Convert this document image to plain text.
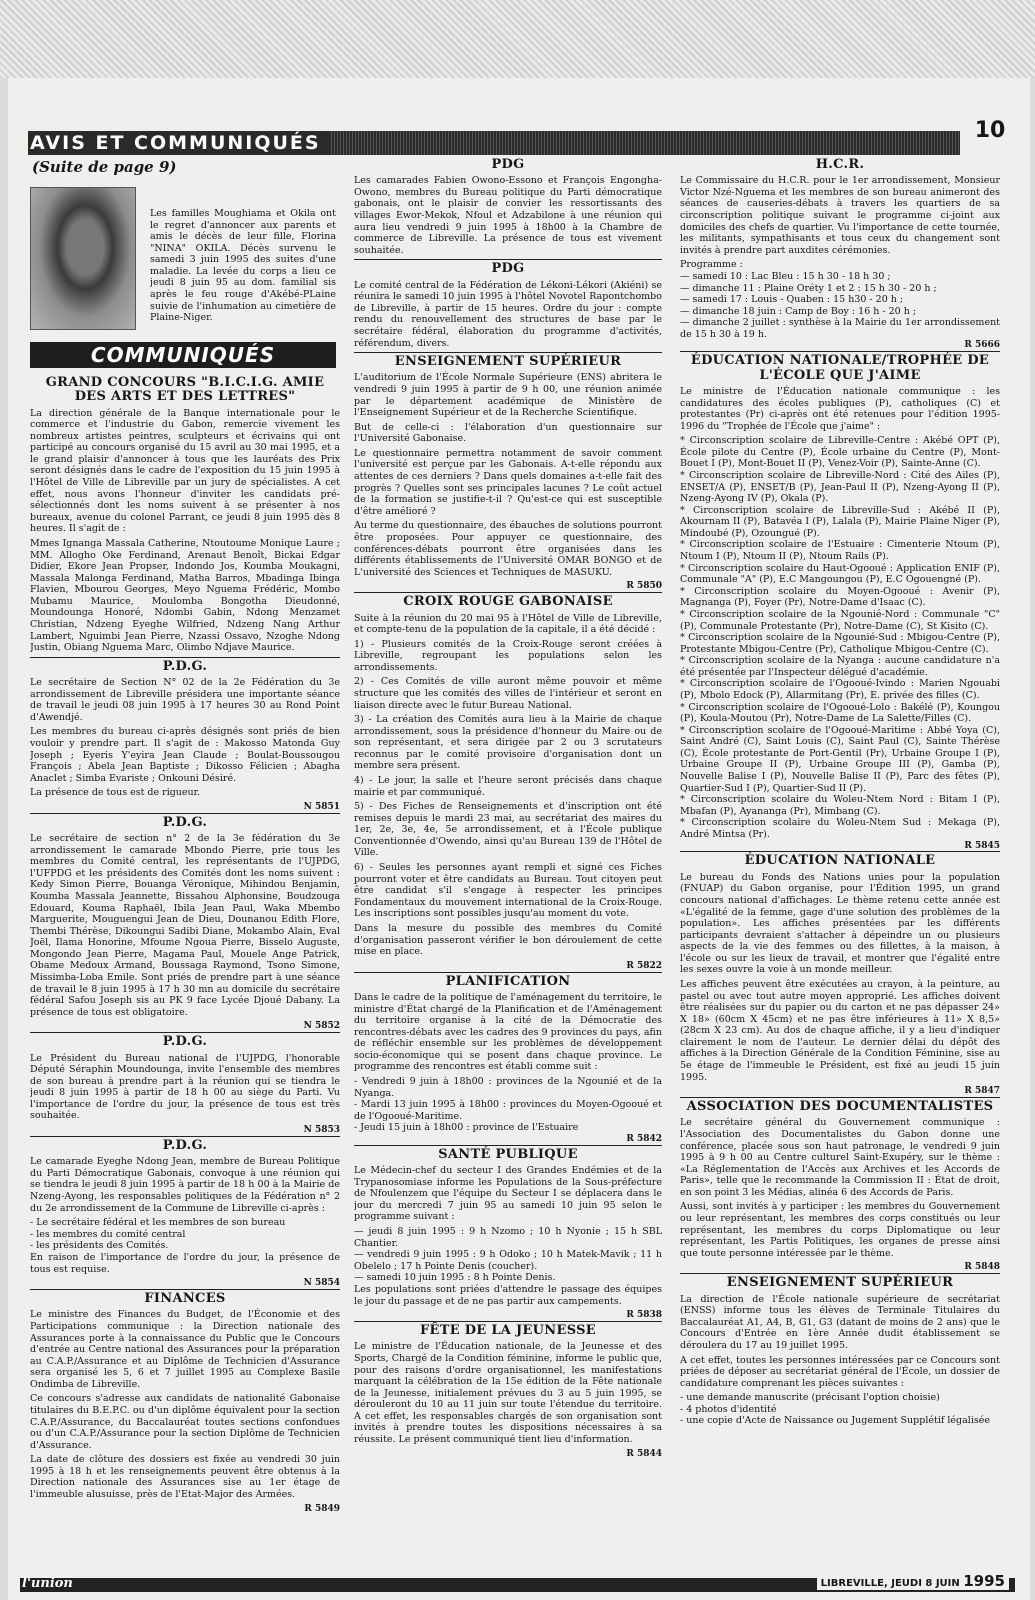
AVIS ET COMMUNIQUÉS	10
(Suite de page 9)

Les familles Moughiama et Okila ont le regret d'annoncer aux parents et amis le décès de leur fille, Florina "NINA" OKILA. Décès survenu le samedi 3 juin 1995 des suites d'une maladie. La levée du corps a lieu ce jeudi 8 juin 95 au dom. familial sis après le feu rouge d'Akébé-PLaine suivie de l'inhumation au cimetière de Plaine-Niger.

COMMUNIQUÉS
GRAND CONCOURS "B.I.C.I.G. AMIE DES ARTS ET DES LETTRES"

La direction générale de la Banque internationale pour le commerce et l'industrie du Gabon, remercie vivement les nombreux artistes peintres, sculpteurs et écrivains qui ont participé au concours organisé du 15 avril au 30 mai 1995, et a le grand plaisir d'annoncer à tous que les lauréats des Prix seront désignés dans le cadre de l'exposition du 15 juin 1995 à l'Hôtel de Ville de Libreville par un jury de spécialistes. A cet effet, nous avons l'honneur d'inviter les candidats pré-sélectionnés dont les noms suivent à se présenter à nos bureaux, avenue du colonel Parrant, ce jeudi 8 juin 1995 dès 8 heures. Il s'agit de :

Mmes Ignanga Massala Catherine, Ntoutoume Monique Laure ; MM. Allogho Oke Ferdinand, Arenaut Benoît, Bickai Edgar Didier, Ekore Jean Propser, Indondo Jos, Koumba Moukagni, Massala Malonga Ferdinand, Matha Barros, Mbadinga Ibinga Flavien, Mbourou Georges, Meyo Nguema Frédéric, Mombo Mubamu Maurice, Moulomba Bongotha Dieudonné, Moundounga Honoré, Ndombi Gabin, Ndong Menzamet Christian, Ndzeng Eyeghe Wilfried, Ndzeng Nang Arthur Lambert, Nguimbi Jean Pierre, Nzassi Ossavo, Nzoghe Ndong Justin, Obiang Nguema Marc, Olimbo Ndjave Maurice.

P.D.G.

Le secrétaire de Section N° 02 de la 2e Fédération du 3e arrondissement de Libreville présidera une importante séance de travail le jeudi 08 juin 1995 à 17 heures 30 au Rond Point d'Awendjé.

Les membres du bureau ci-après désignés sont priés de bien vouloir y prendre part. Il s'agit de : Makosso Matonda Guy Joseph ; Eyeris Y'eyira Jean Claude ; Boulat-Boussougou François ; Abela Jean Baptiste ; Dikosso Félicien ; Abagha Anaclet ; Simba Evariste ; Onkouni Désiré.

La présence de tous est de rigueur.

N 5851
P.D.G.

Le secrétaire de section n° 2 de la 3e fédération du 3e arrondissement le camarade Mbondo Pierre, prie tous les membres du Comité central, les représentants de l'UJPDG, l'UFPDG et les présidents des Comités dont les noms suivent : Kedy Simon Pierre, Bouanga Véronique, Mihindou Benjamin, Koumba Massala Jeannette, Bissahou Alphonsine, Boudzouga Edouard, Kouma Raphaël, Ibila Jean Paul, Waka Mbembo Marguerite, Mouguengui Jean de Dieu, Dounanou Edith Flore, Thembi Thérèse, Dikoungui Sadibi Diane, Mokambo Alain, Eval Joël, Ilama Honorine, Mfoume Ngoua Pierre, Bisselo Auguste, Mongondo Jean Pierre, Magama Paul, Mouele Ange Patrick, Obame Medoux Armand, Boussaga Raymond, Tsono Simone, Missimba-Loba Emile. Sont priés de prendre part à une séance de travail le 8 juin 1995 à 17 h 30 mn au domicile du secrétaire fédéral Safou Joseph sis au PK 9 face Lycée Djoué Dabany. La présence de tous est obligatoire.

N 5852
P.D.G.

Le Président du Bureau national de l'UJPDG, l'honorable Député Séraphin Moundounga, invite l'ensemble des membres de son bureau à prendre part à la réunion qui se tiendra le jeudi 8 juin 1995 à partir de 18 h 00 au siège du Parti. Vu l'importance de l'ordre du jour, la présence de tous est très souhaitée.

N 5853
P.D.G.

Le camarade Eyeghe Ndong Jean, membre de Bureau Politique du Parti Démocratique Gabonais, convoque à une réunion qui se tiendra le jeudi 8 juin 1995 à partir de 18 h 00 à la Mairie de Nzeng-Ayong, les responsables politiques de la Fédération n° 2 du 2e arrondissement de la Commune de Libreville ci-après :

- Le secrétaire fédéral et les membres de son bureau
- les membres du comité central
- les présidents des Comités.

En raison de l'importance de l'ordre du jour, la présence de tous est requise.

N 5854
FINANCES

Le ministre des Finances du Budget, de l'Économie et des Participations communique : la Direction nationale des Assurances porte à la connaissance du Public que le Concours d'entrée au Centre national des Assurances pour la préparation au C.A.P./Assurance et au Diplôme de Technicien d'Assurance sera organisé les 5, 6 et 7 juillet 1995 au Complexe Basile Ondimba de Libreville.

Ce concours s'adresse aux candidats de nationalité Gabonaise titulaires du B.E.P.C. ou d'un diplôme équivalent pour la section C.A.P./Assurance, du Baccalauréat toutes sections confondues ou d'un C.A.P./Assurance pour la section Diplôme de Technicien d'Assurance.

La date de clôture des dossiers est fixée au vendredi 30 juin 1995 à 18 h et les renseignements peuvent être obtenus à la Direction nationale des Assurances sise au 1er étage de l'immeuble alusuisse, près de l'Etat-Major des Armées.

R 5849
PDG

Les camarades Fabien Owono-Essono et François Engongha-Owono, membres du Bureau politique du Parti démocratique gabonais, ont le plaisir de convier les ressortissants des villages Ewor-Mekok, Nfoul et Adzabilone à une réunion qui aura lieu vendredi 9 juin 1995 à 18h00 à la Chambre de commerce de Libreville. La présence de tous est vivement souhaitée.

PDG

Le comité central de la Fédération de Lékoni-Lékori (Akiéni) se réunira le samedi 10 juin 1995 à l'hôtel Novotel Rapontchombo de Libreville, à partir de 15 heures. Ordre du jour : compte rendu du renouvellement des structures de base par le secrétaire fédéral, élaboration du programme d'activités, référendum, divers.

ENSEIGNEMENT SUPÉRIEUR

L'auditorium de l'École Normale Supérieure (ENS) abritera le vendredi 9 juin 1995 à partir de 9 h 00, une réunion animée par le département académique de Ministère de l'Enseignement Supérieur et de la Recherche Scientifique.

But de celle-ci : l'élaboration d'un questionnaire sur l'Université Gabonaise.

Le questionnaire permettra notamment de savoir comment l'université est perçue par les Gabonais. A-t-elle répondu aux attentes de ces derniers ? Dans quels domaines a-t-elle fait des progrès ? Quelles sont ses principales lacunes ? Le coût actuel de la formation se justifie-t-il ? Qu'est-ce qui est susceptible d'être amélioré ?

Au terme du questionnaire, des ébauches de solutions pourront être proposées. Pour appuyer ce questionnaire, des conférences-débats pourront être organisées dans les différents établissements de l'Université OMAR BONGO et de L'université des Sciences et Techniques de MASUKU.

R 5850
CROIX ROUGE GABONAISE

Suite à la réunion du 20 mai 95 à l'Hôtel de Ville de Libreville, et compte-tenu de la population de la capitale, il a été décidé :

1) - Plusieurs comités de la Croix-Rouge seront créées à Libreville, regroupant les populations selon les arrondissements.

2) - Ces Comités de ville auront même pouvoir et même structure que les comités des villes de l'intérieur et seront en liaison directe avec le futur Bureau National.

3) - La création des Comités aura lieu à la Mairie de chaque arrondissement, sous la présidence d'honneur du Maire ou de son représentant, et sera dirigée par 2 ou 3 scrutateurs reconnus par le comité provisoire d'organisation dont un membre sera présent.

4) - Le jour, la salle et l'heure seront précisés dans chaque mairie et par communiqué.

5) - Des Fiches de Renseignements et d'inscription ont été remises depuis le mardi 23 mai, au secrétariat des maires du 1er, 2e, 3e, 4e, 5e arrondissement, et à l'École publique Conventionnée d'Owendo, ainsi qu'au Bureau 139 de l'Hôtel de Ville.

6) - Seules les personnes ayant rempli et signé ces Fiches pourront voter et être candidats au Bureau. Tout citoyen peut être candidat s'il s'engage à respecter les principes Fondamentaux du mouvement international de la Croix-Rouge. Les inscriptions sont possibles jusqu'au moment du vote.

Dans la mesure du possible des membres du Comité d'organisation passeront vérifier le bon déroulement de cette mise en place.

R 5822
PLANIFICATION

Dans le cadre de la politique de l'aménagement du territoire, le ministre d'État chargé de la Planification et de l'Aménagement du territoire organise à la cité de la Démocratie des rencontres-débats avec les cadres des 9 provinces du pays, afin de réfléchir ensemble sur les problèmes de développement socio-économique qui se posent dans chaque province. Le programme des rencontres est établi comme suit :

- Vendredi 9 juin à 18h00 : provinces de la Ngounié et de la Nyanga.
- Mardi 13 juin 1995 à 18h00 : provinces du Moyen-Ogooué et de l'Ogooué-Maritime.
- Jeudi 15 juin à 18h00 : province de l'Estuaire
R 5842
SANTÉ PUBLIQUE

Le Médecin-chef du secteur I des Grandes Endémies et de la Trypanosomiase informe les Populations de la Sous-préfecture de Nfoulenzem que l'équipe du Secteur I se déplacera dans le jour du mercredi 7 juin 95 au samedi 10 juin 95 selon le programme suivant :

— jeudi 8 juin 1995 : 9 h Nzomo ; 10 h Nyonie ; 15 h SBL Chantier.
— vendredi 9 juin 1995 : 9 h Odoko ; 10 h Matek-Mavik ; 11 h Obelelo ; 17 h Pointe Denis (coucher).
— samedi 10 juin 1995 : 8 h Pointe Denis.

Les populations sont priées d'attendre le passage des équipes le jour du passage et de ne pas partir aux campements.

R 5838
FÊTE DE LA JEUNESSE

Le ministre de l'Éducation nationale, de la Jeunesse et des Sports, Chargé de la Condition féminine, informe le public que, pour des raisons d'ordre organisationnel, les manifestations marquant la célébration de la 15e édition de la Fête nationale de la Jeunesse, initialement prévues du 3 au 5 juin 1995, se dérouleront du 10 au 11 juin sur toute l'étendue du territoire. A cet effet, les responsables chargés de son organisation sont invités à prendre toutes les dispositions nécessaires à sa réussite. Le présent communiqué tient lieu d'information.

R 5844
H.C.R.

Le Commissaire du H.C.R. pour le 1er arrondissement, Monsieur Victor Nzé-Nguema et les membres de son bureau animeront des séances de causeries-débats à travers les quartiers de sa circonscription politique suivant le programme ci-joint aux domiciles des chefs de quartier. Vu l'importance de cette tournée, les militants, sympathisants et tous ceux du changement sont invités à prendre part auxdites cérémonies.

Programme :
— samedi 10 : Lac Bleu : 15 h 30 - 18 h 30 ;
— dimanche 11 : Plaine Oréty 1 et 2 : 15 h 30 - 20 h ;
— samedi 17 : Louis - Quaben : 15 h30 - 20 h ;
— dimanche 18 juin : Camp de Boy : 16 h - 20 h ;
— dimanche 2 juillet : synthèse à la Mairie du 1er arrondissement de 15 h 30 à 19 h.
R 5666
ÉDUCATION NATIONALE/TROPHÉE DE L'ÉCOLE QUE J'AIME

Le ministre de l'Éducation nationale communique : les candidatures des écoles publiques (P), catholiques (C) et protestantes (Pr) ci-après ont été retenues pour l'édition 1995-1996 du "Trophée de l'École que j'aime" :

* Circonscription scolaire de Libreville-Centre : Akébé OPT (P), École pilote du Centre (P), École urbaine du Centre (P), Mont-Bouet I (P), Mont-Bouet II (P), Venez-Voir (P), Sainte-Anne (C).
* Circonscription scolaire de Libreville-Nord : Cité des Ailes (P), ENSET/A (P), ENSET/B (P), Jean-Paul II (P), Nzeng-Ayong II (P), Nzeng-Ayong IV (P), Okala (P).
* Circonscription scolaire de Libreville-Sud : Akébé II (P), Akournam II (P), Batavéa I (P), Lalala (P), Mairie Plaine Niger (P), Mindoubé (P), Ozoungué (P).
* Circonscription scolaire de l'Estuaire : Cimenterie Ntoum (P), Ntoum I (P), Ntoum II (P), Ntoum Rails (P).
* Circonscription scolaire du Haut-Ogooué : Application ENIF (P), Communale "A" (P), E.C Mangoungou (P), E.C Ogouengné (P).
* Circonscription scolaire du Moyen-Ogooué : Avenir (P), Magnanga (P), Foyer (Pr), Notre-Dame d'Isaac (C).
* Circonscription scolaire de la Ngounié-Nord : Communale "C" (P), Communale Protestante (Pr), Notre-Dame (C), St Kisito (C).
* Circonscription scolaire de la Ngounié-Sud : Mbigou-Centre (P), Protestante Mbigou-Centre (Pr), Catholique Mbigou-Centre (C).
* Circonscription scolaire de la Nyanga : aucune candidature n'a été présentée par l'Inspecteur délégué d'académie.
* Circonscription scolaire de l'Ogooué-Ivindo : Marien Ngouabi (P), Mbolo Edock (P), Allarmitang (Pr), E. privée des filles (C).
* Circonscription scolaire de l'Ogooué-Lolo : Bakélé (P), Koungou (P), Koula-Moutou (Pr), Notre-Dame de La Salette/Filles (C).
* Circonscription scolaire de l'Ogooué-Maritime : Abbé Yoya (C), Saint André (C), Saint Louis (C), Saint Paul (C), Sainte Thérèse (C), École protestante de Port-Gentil (Pr), Urbaine Groupe I (P), Urbaine Groupe II (P), Urbaine Groupe III (P), Gamba (P), Nouvelle Balise I (P), Nouvelle Balise II (P), Parc des fêtes (P), Quartier-Sud I (P), Quartier-Sud II (P).
* Circonscription scolaire du Woleu-Ntem Nord : Bitam I (P), Mbafan (P), Ayananga (Pr), Mimbang (C).
* Circonscription scolaire du Woleu-Ntem Sud : Mekaga (P), André Mintsa (Pr).
R 5845
ÉDUCATION NATIONALE

Le bureau du Fonds des Nations unies pour la population (FNUAP) du Gabon organise, pour l'Édition 1995, un grand concours national d'affichages. Le thème retenu cette année est «L'égalité de la femme, gage d'une solution des problèmes de la population». Les affiches présentées par les différents participants devraient s'attacher à dépeindre un ou plusieurs aspects de la vie des femmes ou des fillettes, à la maison, à l'école ou sur les lieux de travail, et montrer que l'égalité entre les sexes ouvre la voie à un monde meilleur.

Les affiches peuvent être exécutées au crayon, à la peinture, au pastel ou avec tout autre moyen approprié. Les affiches doivent être réalisées sur du papier ou du carton et ne pas dépasser 24» X 18» (60cm X 45cm) et ne pas être inférieures à 11» X 8,5» (28cm X 23 cm). Au dos de chaque affiche, il y a lieu d'indiquer clairement le nom de l'auteur. Le dernier délai du dépôt des affiches à la Direction Générale de la Condition Féminine, sise au 5e étage de l'immeuble le Président, est fixé au jeudi 15 juin 1995.

R 5847
ASSOCIATION DES DOCUMENTALISTES

Le secrétaire général du Gouvernement communique : l'Association des Documentalistes du Gabon donne une conférence, placée sous son haut patronage, le vendredi 9 juin 1995 à 9 h 00 au Centre culturel Saint-Exupéry, sur le thème : «La Réglementation de l'Accès aux Archives et les Accords de Paris», telle que le recommande la Commission II : État de droit, en son point 3 les Médias, alinéa 6 des Accords de Paris.

Aussi, sont invités à y participer : les membres du Gouvernement ou leur représentant, les membres des corps constitués ou leur représentant, les membres du corps Diplomatique ou leur représentant, les Partis Politiques, les organes de presse ainsi que toute personne intéressée par le thème.

R 5848
ENSEIGNEMENT SUPÉRIEUR

La direction de l'École nationale supérieure de secrétariat (ENSS) informe tous les élèves de Terminale Titulaires du Baccalauréat A1, A4, B, G1, G3 (datant de moins de 2 ans) que le Concours d'Entrée en 1ère Année dudit établissement se déroulera du 17 au 19 juillet 1995.

A cet effet, toutes les personnes intéressées par ce Concours sont priées de déposer au secrétariat général de l'École, un dossier de candidature comprenant les pièces suivantes :

- une demande manuscrite (précisant l'option choisie)
- 4 photos d'identité
- une copie d'Acte de Naissance ou Jugement Supplétif légalisée
l'union	LIBREVILLE, JEUDI 8 JUIN 1995
